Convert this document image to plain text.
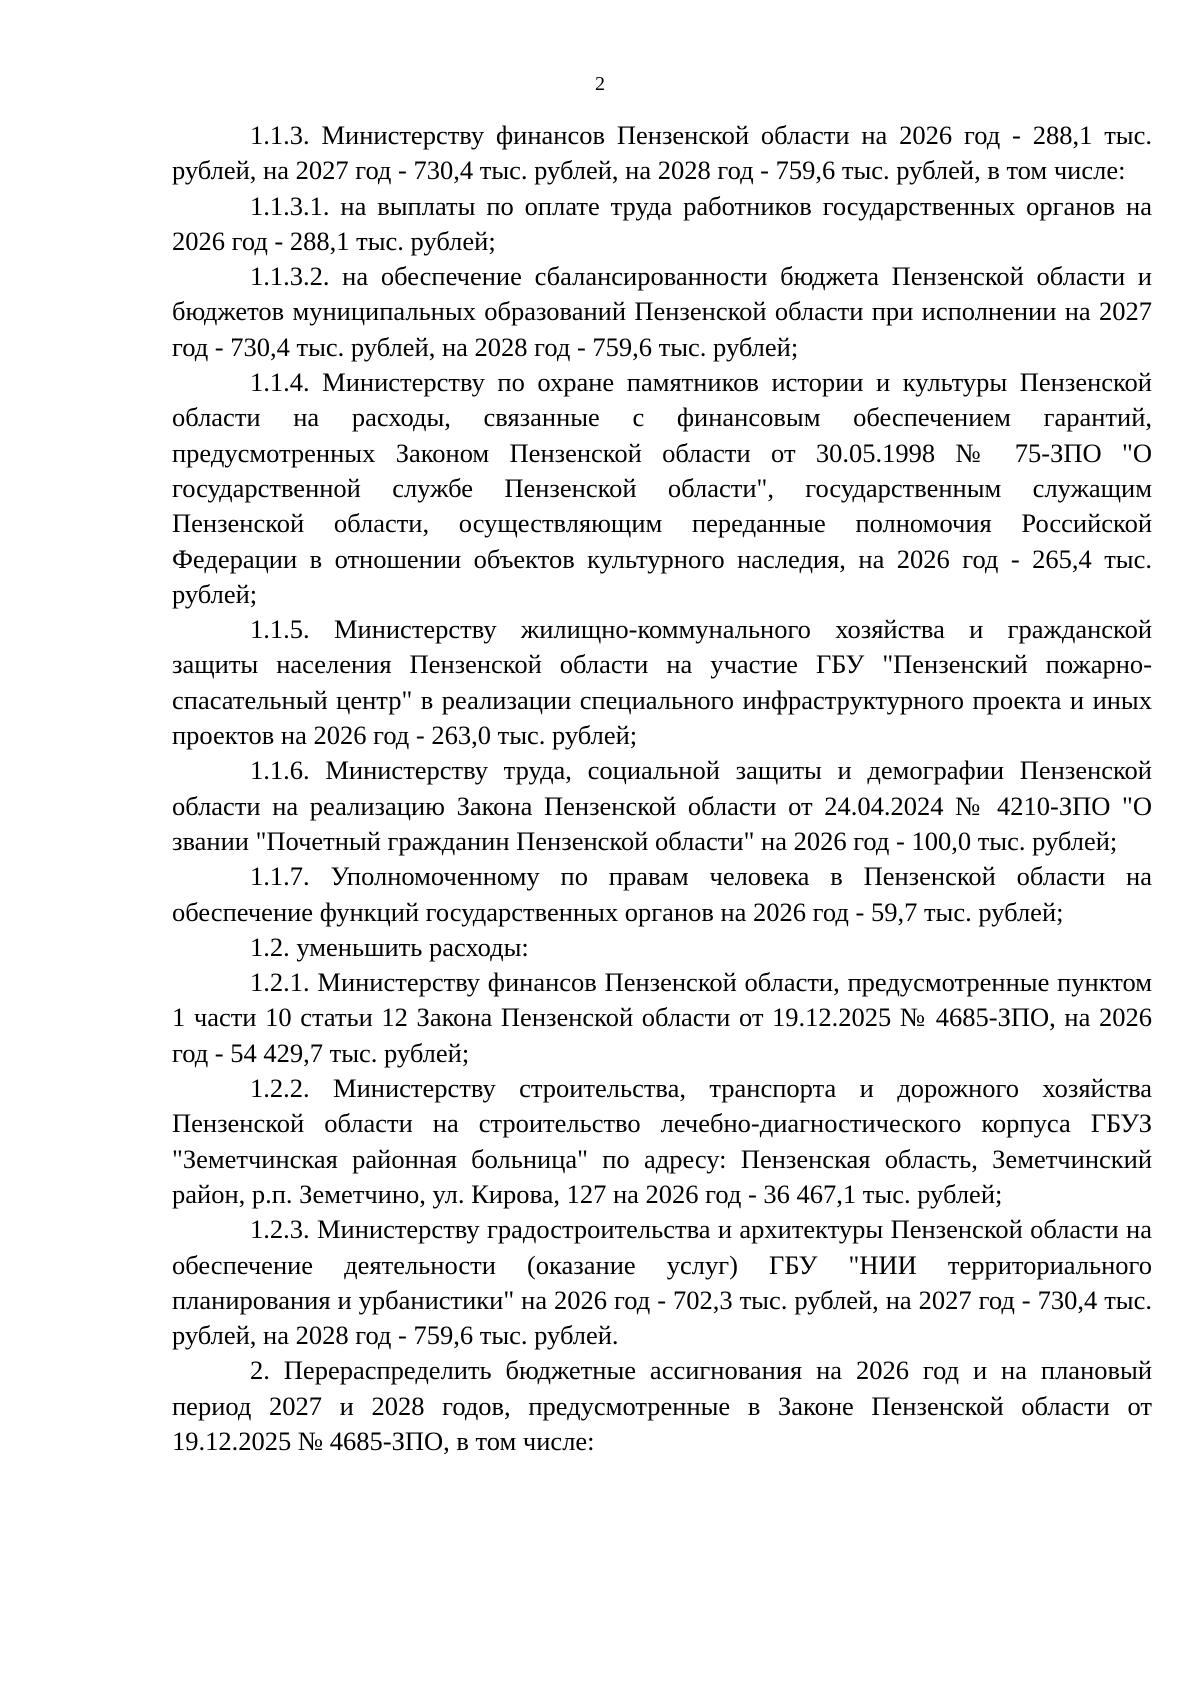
2

1.1.3. Министерству финансов Пензенской области на 2026 год - 288,1 тыс. рублей, на 2027 год - 730,4 тыс. рублей, на 2028 год - 759,6 тыс. рублей, в том числе:

1.1.3.1. на выплаты по оплате труда работников государственных органов на 2026 год - 288,1 тыс. рублей;

1.1.3.2. на обеспечение сбалансированности бюджета Пензенской области и бюджетов муниципальных образований Пензенской области при исполнении на 2027 год - 730,4 тыс. рублей, на 2028 год - 759,6 тыс. рублей;

1.1.4. Министерству по охране памятников истории и культуры Пензенской области на расходы, связанные с финансовым обеспечением гарантий, предусмотренных Законом Пензенской области от 30.05.1998 № 75-ЗПО "О государственной службе Пензенской области", государственным служащим Пензенской области, осуществляющим переданные полномочия Российской Федерации в отношении объектов культурного наследия, на 2026 год - 265,4 тыс. рублей;

1.1.5. Министерству жилищно-коммунального хозяйства и гражданской защиты населения Пензенской области на участие ГБУ "Пензенский пожарно-спасательный центр" в реализации специального инфраструктурного проекта и иных проектов на 2026 год - 263,0 тыс. рублей;

1.1.6. Министерству труда, социальной защиты и демографии Пензенской области на реализацию Закона Пензенской области от 24.04.2024 № 4210-ЗПО "О звании "Почетный гражданин Пензенской области" на 2026 год - 100,0 тыс. рублей;

1.1.7. Уполномоченному по правам человека в Пензенской области на обеспечение функций государственных органов на 2026 год - 59,7 тыс. рублей;

1.2. уменьшить расходы:

1.2.1. Министерству финансов Пензенской области, предусмотренные пунктом 1 части 10 статьи 12 Закона Пензенской области от 19.12.2025 № 4685-ЗПО, на 2026 год - 54 429,7 тыс. рублей;

1.2.2. Министерству строительства, транспорта и дорожного хозяйства Пензенской области на строительство лечебно-диагностического корпуса ГБУЗ "Земетчинская районная больница" по адресу: Пензенская область, Земетчинский район, р.п. Земетчино, ул. Кирова, 127 на 2026 год - 36 467,1 тыс. рублей;

1.2.3. Министерству градостроительства и архитектуры Пензенской области на обеспечение деятельности (оказание услуг) ГБУ "НИИ территориального планирования и урбанистики" на 2026 год - 702,3 тыс. рублей, на 2027 год - 730,4 тыс. рублей, на 2028 год - 759,6 тыс. рублей.

2. Перераспределить бюджетные ассигнования на 2026 год и на плановый период 2027 и 2028 годов, предусмотренные в Законе Пензенской области от 19.12.2025 № 4685-ЗПО, в том числе:
